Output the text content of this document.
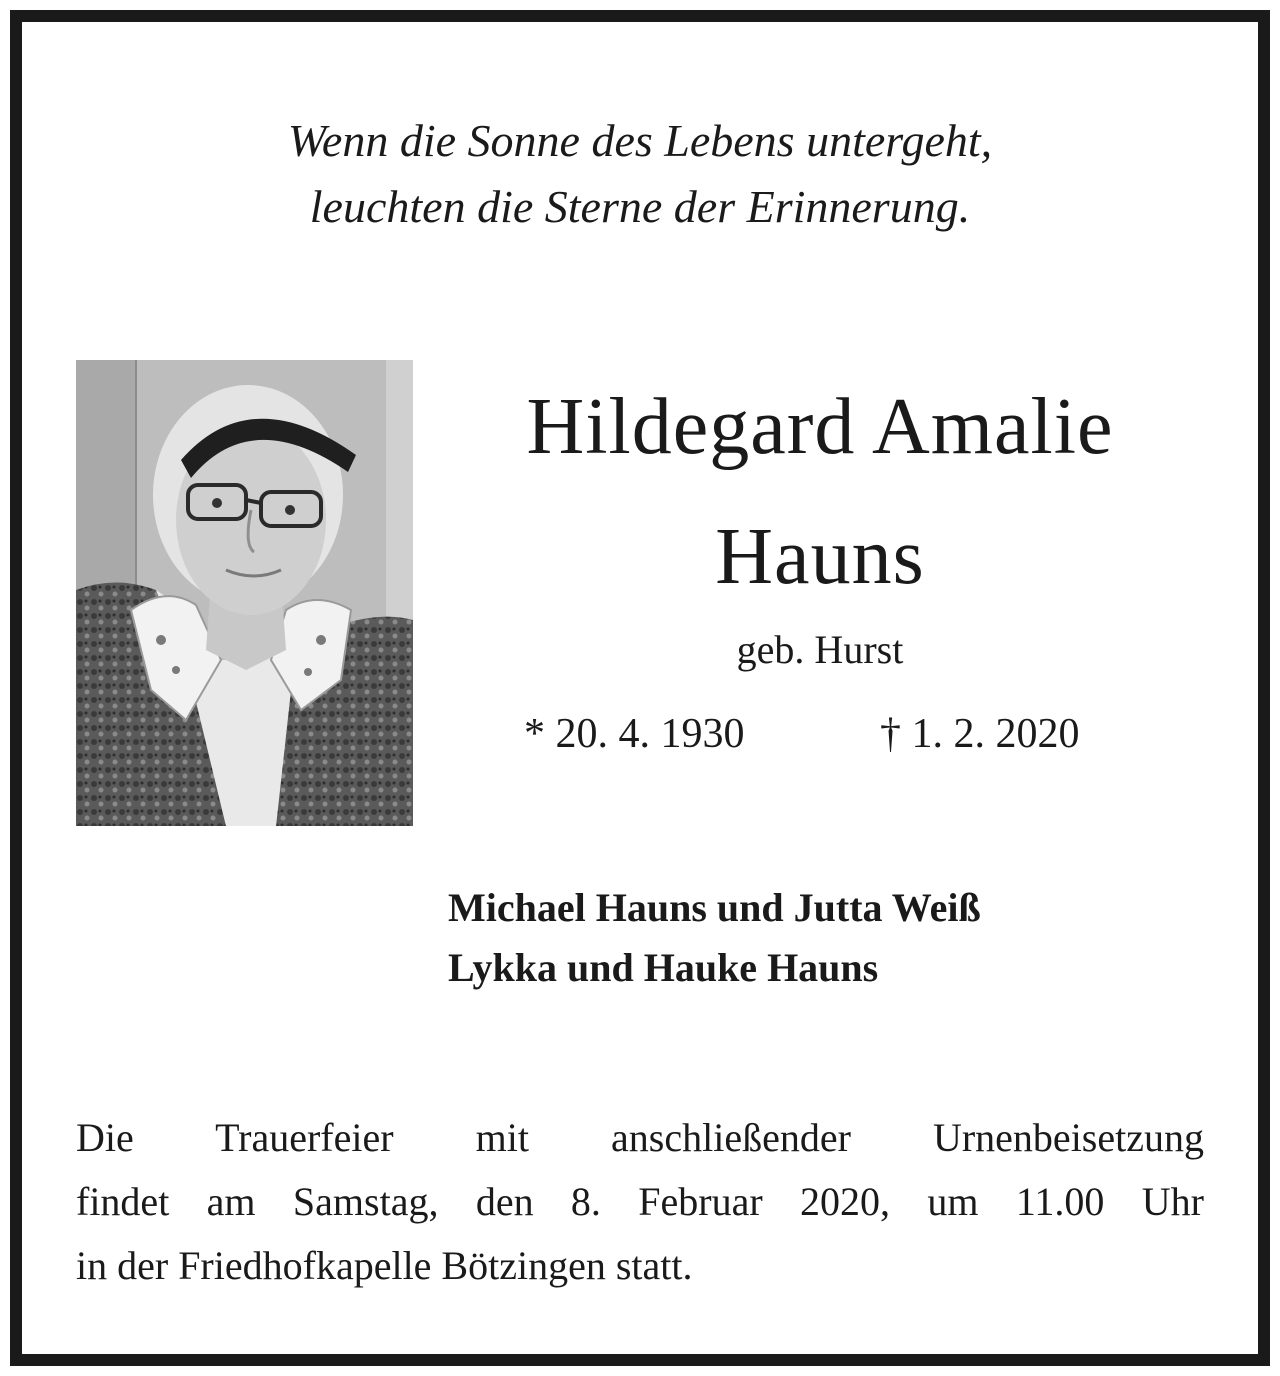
Wenn die Sonne des Lebens untergeht,
leuchten die Sterne der Erinnerung.
Hildegard Amalie
Hauns
geb. Hurst
* 20. 4. 1930	† 1. 2. 2020
Michael Hauns und Jutta Weiß
Lykka und Hauke Hauns
Die Trauerfeier mit anschließender Urnenbeisetzung
findet am Samstag, den 8. Februar 2020, um 11.00 Uhr
in der Friedhofkapelle Bötzingen statt.
